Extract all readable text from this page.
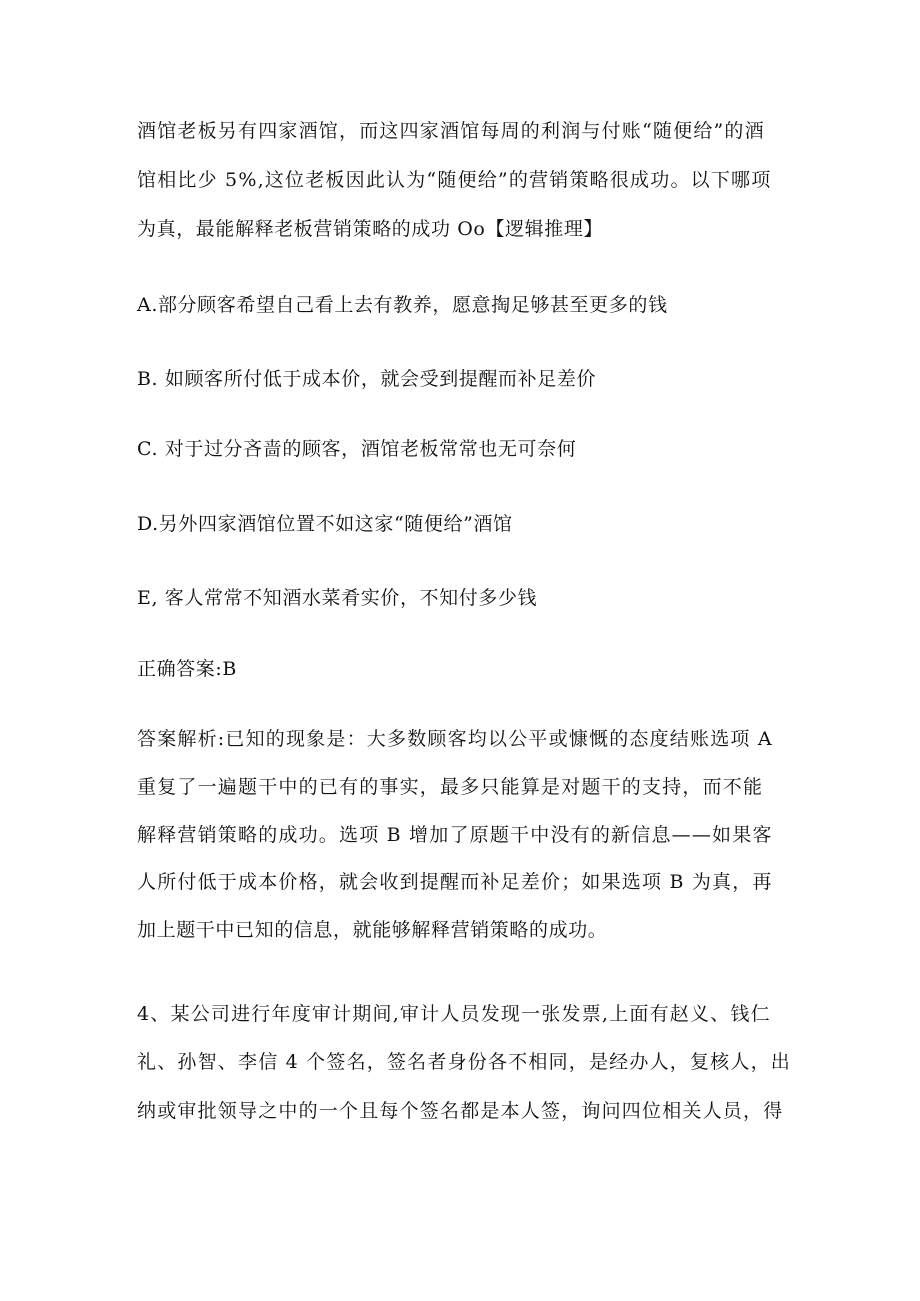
酒馆老板另有四家酒馆，而这四家酒馆每周的利润与付账“随便给”的酒
馆相比少 5%,这位老板因此认为“随便给”的营销策略很成功。以下哪项
为真，最能解释老板营销策略的成功 Oo【逻辑推理】
A.部分顾客希望自己看上去有教养，愿意掏足够甚至更多的钱
B. 如顾客所付低于成本价，就会受到提醒而补足差价
C. 对于过分吝啬的顾客，酒馆老板常常也无可奈何
D.另外四家酒馆位置不如这家“随便给”酒馆
E, 客人常常不知酒水菜肴实价，不知付多少钱
正确答案:B
答案解析:已知的现象是：大多数顾客均以公平或慷慨的态度结账选项 A
重复了一遍题干中的已有的事实，最多只能算是对题干的支持，而不能
解释营销策略的成功。选项 B 增加了原题干中没有的新信息——如果客
人所付低于成本价格，就会收到提醒而补足差价；如果选项 B 为真，再
加上题干中已知的信息，就能够解释营销策略的成功。
4、某公司进行年度审计期间,审计人员发现一张发票,上面有赵义、钱仁
礼、孙智、李信 4 个签名，签名者身份各不相同，是经办人，复核人，出
纳或审批领导之中的一个且每个签名都是本人签，询问四位相关人员，得
